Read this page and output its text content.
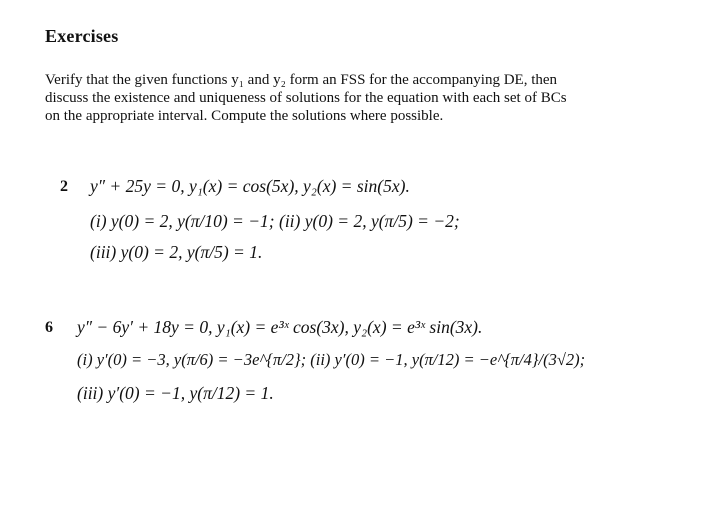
Exercises
Verify that the given functions y₁ and y₂ form an FSS for the accompanying DE, then
discuss the existence and uniqueness of solutions for the equation with each set of BCs
on the appropriate interval. Compute the solutions where possible.
2 y″ + 25y = 0, y₁(x) = cos(5x), y₂(x) = sin(5x).
(i) y(0) = 2, y(π/10) = −1; (ii) y(0) = 2, y(π/5) = −2;
(iii) y(0) = 2, y(π/5) = 1.
6 y″ − 6y′ + 18y = 0, y₁(x) = e³ˣ cos(3x), y₂(x) = e³ˣ sin(3x).
(i) y′(0) = −3, y(π/6) = −3e^{π/2}; (ii) y′(0) = −1, y(π/12) = −e^{π/4}/(3√2);
(iii) y′(0) = −1, y(π/12) = 1.
